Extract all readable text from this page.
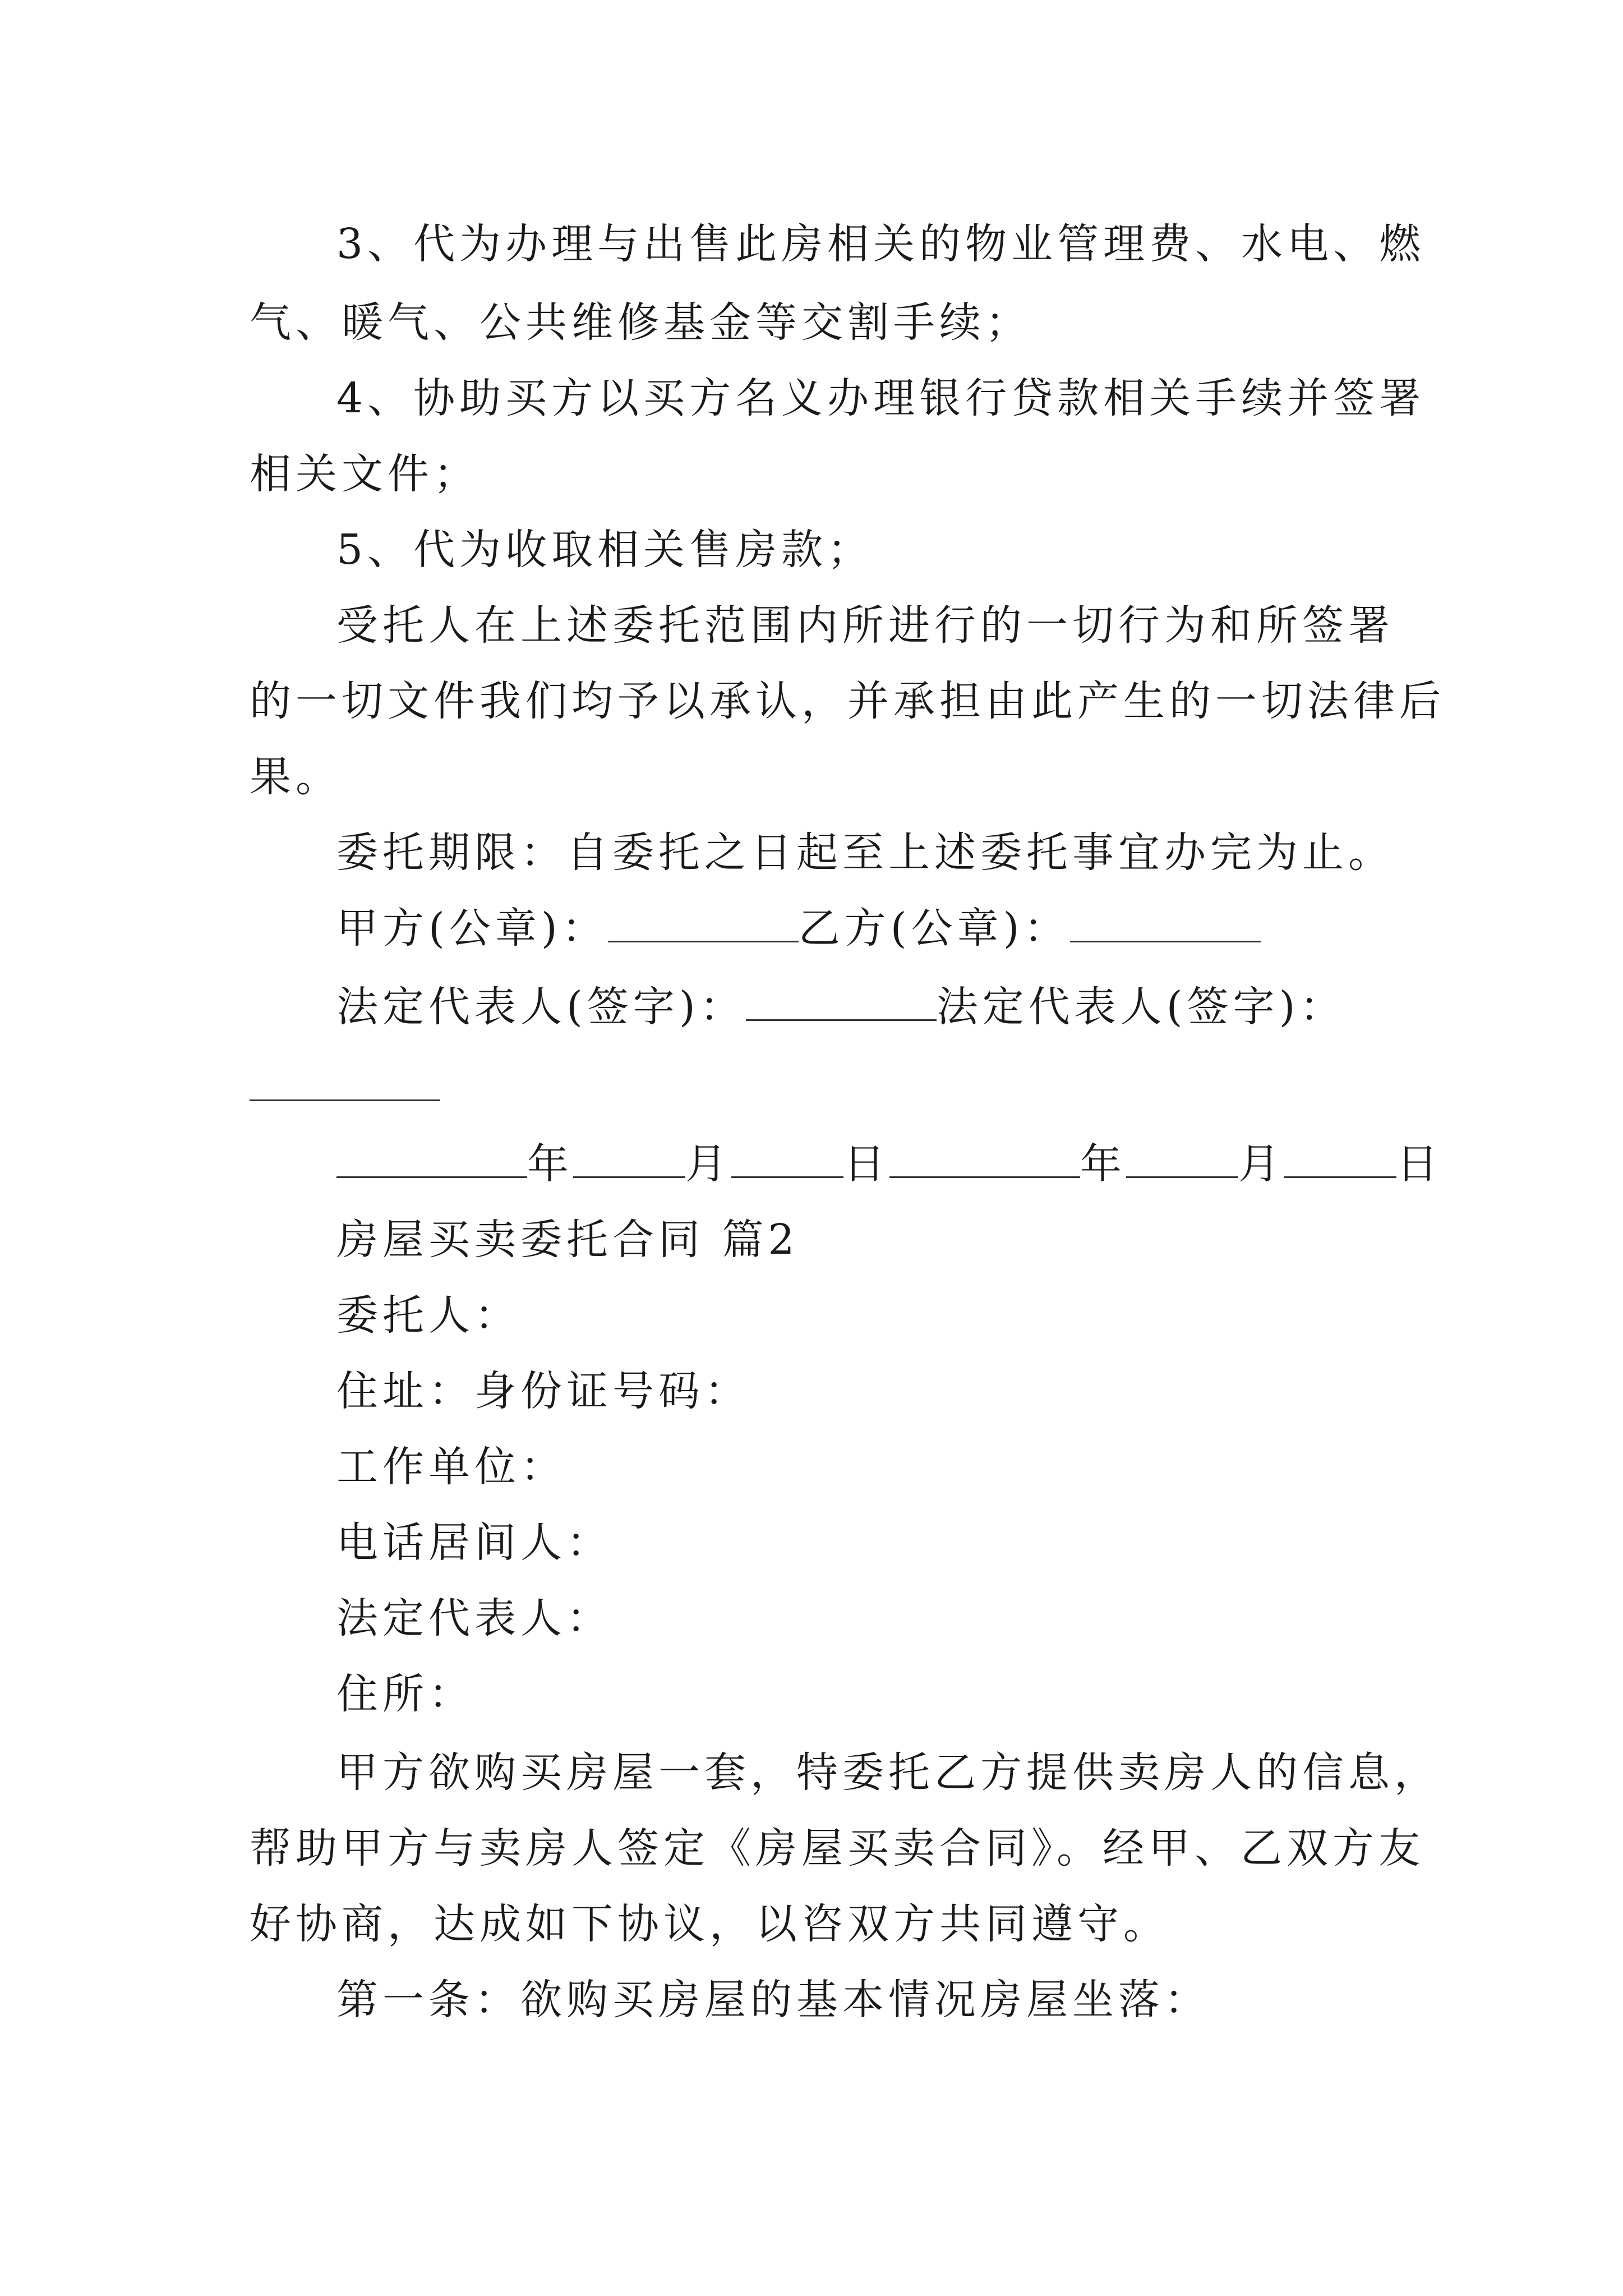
3、代为办理与出售此房相关的物业管理费、水电、燃
气、暖气、公共维修基金等交割手续；
4、协助买方以买方名义办理银行贷款相关手续并签署
相关文件；
5、代为收取相关售房款；
受托人在上述委托范围内所进行的一切行为和所签署
的一切文件我们均予以承认，并承担由此产生的一切法律后
果。
委托期限：自委托之日起至上述委托事宜办完为止。
甲方(公章)：	乙方(公章)：
法定代表人(签字)：	法定代表人(签字)：
年	月	日	年	月	日
房屋买卖委托合同 篇2
委托人：
住址：身份证号码：
工作单位：
电话居间人：
法定代表人：
住所：
甲方欲购买房屋一套，特委托乙方提供卖房人的信息，
帮助甲方与卖房人签定《房屋买卖合同》。经甲、乙双方友
好协商，达成如下协议，以咨双方共同遵守。
第一条：欲购买房屋的基本情况房屋坐落：
